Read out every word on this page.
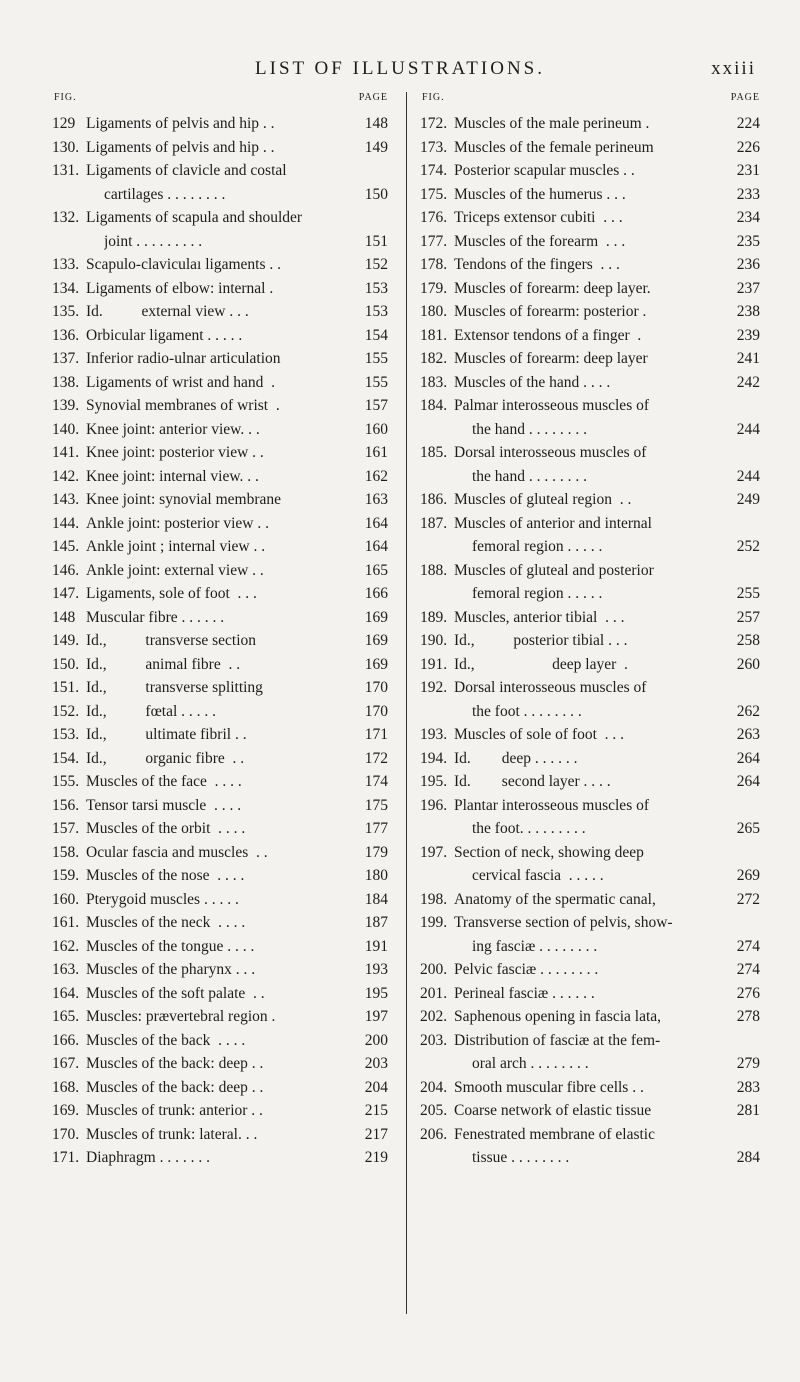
LIST OF ILLUSTRATIONS.	xxiii
FIG.	PAGE
129 Ligaments of pelvis and hip . .	148
130. Ligaments of pelvis and hip . .	149
131. Ligaments of clavicle and costal
cartilages . . . . . . . .	150
132. Ligaments of scapula and shoulder
joint . . . . . . . . .	151
133. Scapulo-claviculaı ligaments . .	152
134. Ligaments of elbow: internal .	153
135. Id.          external view . . .	153
136. Orbicular ligament . . . . .	154
137. Inferior radio-ulnar articulation	155
138. Ligaments of wrist and hand  .	155
139. Synovial membranes of wrist  .	157
140. Knee joint: anterior view. . .	160
141. Knee joint: posterior view . .	161
142. Knee joint: internal view. . .	162
143. Knee joint: synovial membrane	163
144. Ankle joint: posterior view . .	164
145. Ankle joint ; internal view . .	164
146. Ankle joint: external view . .	165
147. Ligaments, sole of foot  . . .	166
148 Muscular fibre . . . . . .	169
149. Id.,          transverse section	169
150. Id.,          animal fibre  . .	169
151. Id.,          transverse splitting	170
152. Id.,          fœtal . . . . .	170
153. Id.,          ultimate fibril . .	171
154. Id.,          organic fibre  . .	172
155. Muscles of the face  . . . .	174
156. Tensor tarsi muscle  . . . .	175
157. Muscles of the orbit  . . . .	177
158. Ocular fascia and muscles  . .	179
159. Muscles of the nose  . . . .	180
160. Pterygoid muscles . . . . .	184
161. Muscles of the neck  . . . .	187
162. Muscles of the tongue . . . .	191
163. Muscles of the pharynx . . .	193
164. Muscles of the soft palate  . .	195
165. Muscles: prævertebral region .	197
166. Muscles of the back  . . . .	200
167. Muscles of the back: deep . .	203
168. Muscles of the back: deep . .	204
169. Muscles of trunk: anterior . .	215
170. Muscles of trunk: lateral. . .	217
171. Diaphragm . . . . . . .	219
FIG.	PAGE
172. Muscles of the male perineum .	224
173. Muscles of the female perineum	226
174. Posterior scapular muscles . .	231
175. Muscles of the humerus . . .	233
176. Triceps extensor cubiti  . . .	234
177. Muscles of the forearm  . . .	235
178. Tendons of the fingers  . . .	236
179. Muscles of forearm: deep layer.	237
180. Muscles of forearm: posterior .	238
181. Extensor tendons of a finger  .	239
182. Muscles of forearm: deep layer	241
183. Muscles of the hand . . . .	242
184. Palmar interosseous muscles of
the hand . . . . . . . .	244
185. Dorsal interosseous muscles of
the hand . . . . . . . .	244
186. Muscles of gluteal region  . .	249
187. Muscles of anterior and internal
femoral region . . . . .	252
188. Muscles of gluteal and posterior
femoral region . . . . .	255
189. Muscles, anterior tibial  . . .	257
190. Id.,          posterior tibial . . .	258
191. Id.,                    deep layer  .	260
192. Dorsal interosseous muscles of
the foot . . . . . . . .	262
193. Muscles of sole of foot  . . .	263
194. Id.        deep . . . . . .	264
195. Id.        second layer . . . .	264
196. Plantar interosseous muscles of
the foot. . . . . . . . .	265
197. Section of neck, showing deep
cervical fascia  . . . . .	269
198. Anatomy of the spermatic canal,	272
199. Transverse section of pelvis, show-
ing fasciæ . . . . . . . .	274
200. Pelvic fasciæ . . . . . . . .	274
201. Perineal fasciæ . . . . . .	276
202. Saphenous opening in fascia lata,	278
203. Distribution of fasciæ at the fem-
oral arch . . . . . . . .	279
204. Smooth muscular fibre cells . .	283
205. Coarse network of elastic tissue	281
206. Fenestrated membrane of elastic
tissue . . . . . . . .	284
